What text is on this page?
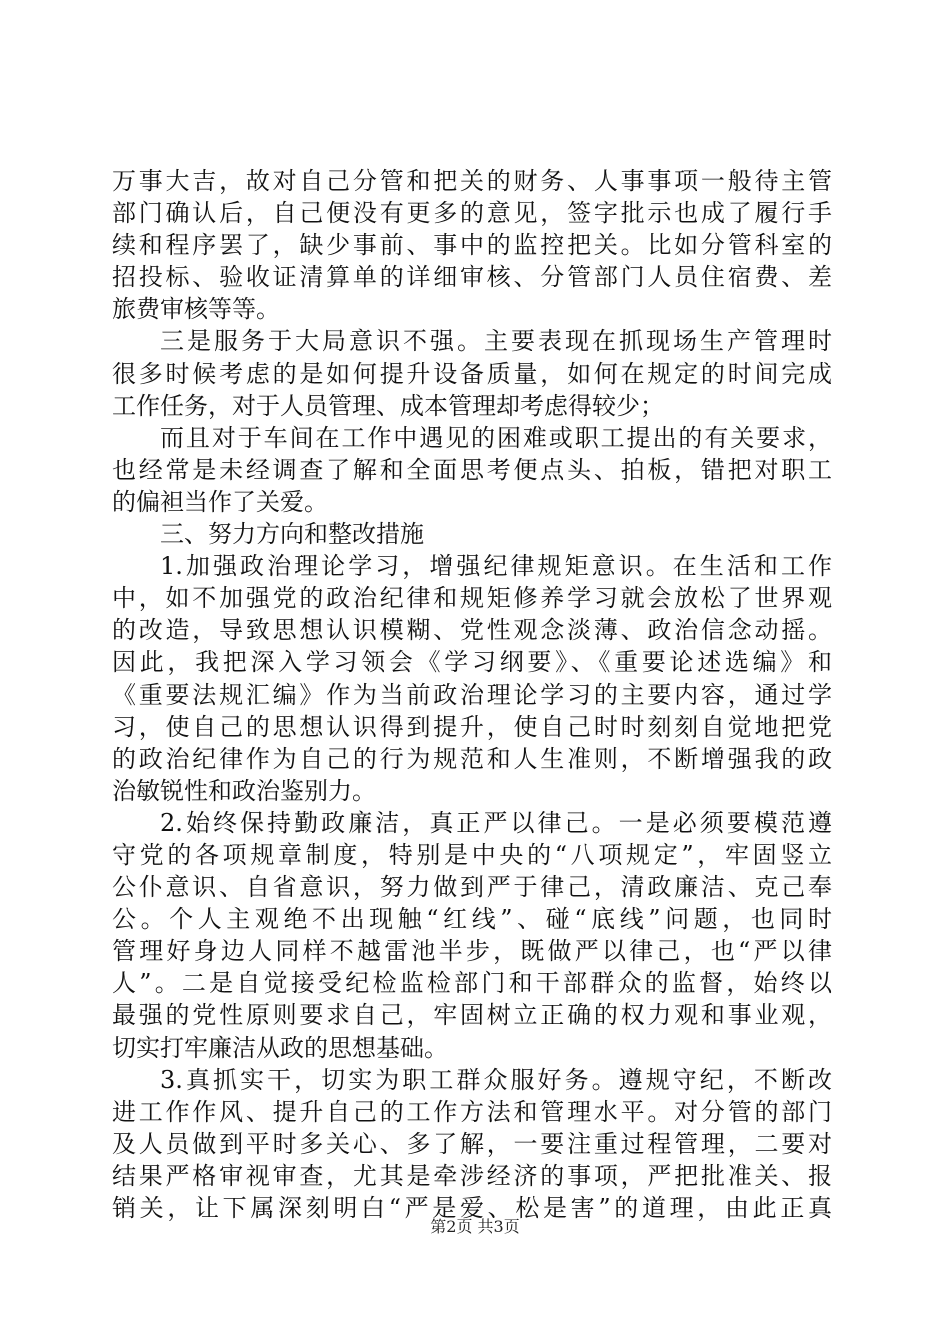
万事大吉，故对自己分管和把关的财务、人事事项一般待主管
部门确认后，自己便没有更多的意见，签字批示也成了履行手
续和程序罢了，缺少事前、事中的监控把关。比如分管科室的
招投标、验收证清算单的详细审核、分管部门人员住宿费、差
旅费审核等等。
三是服务于大局意识不强。主要表现在抓现场生产管理时
很多时候考虑的是如何提升设备质量，如何在规定的时间完成
工作任务，对于人员管理、成本管理却考虑得较少；
而且对于车间在工作中遇见的困难或职工提出的有关要求，
也经常是未经调查了解和全面思考便点头、拍板，错把对职工
的偏袒当作了关爱。
三、努力方向和整改措施
1.加强政治理论学习，增强纪律规矩意识。在生活和工作
中，如不加强党的政治纪律和规矩修养学习就会放松了世界观
的改造，导致思想认识模糊、党性观念淡薄、政治信念动摇。
因此，我把深入学习领会《学习纲要》、《重要论述选编》和
《重要法规汇编》作为当前政治理论学习的主要内容，通过学
习，使自己的思想认识得到提升，使自己时时刻刻自觉地把党
的政治纪律作为自己的行为规范和人生准则，不断增强我的政
治敏锐性和政治鉴别力。
2.始终保持勤政廉洁，真正严以律己。一是必须要模范遵
守党的各项规章制度，特别是中央的“八项规定”，牢固竖立
公仆意识、自省意识，努力做到严于律己，清政廉洁、克己奉
公。个人主观绝不出现触“红线”、碰“底线”问题，也同时
管理好身边人同样不越雷池半步，既做严以律己，也“严以律
人”。二是自觉接受纪检监检部门和干部群众的监督，始终以
最强的党性原则要求自己，牢固树立正确的权力观和事业观，
切实打牢廉洁从政的思想基础。
3.真抓实干，切实为职工群众服好务。遵规守纪，不断改
进工作作风、提升自己的工作方法和管理水平。对分管的部门
及人员做到平时多关心、多了解，一要注重过程管理，二要对
结果严格审视审查，尤其是牵涉经济的事项，严把批准关、报
销关，让下属深刻明白“严是爱、松是害”的道理，由此正真
第2页 共3页
